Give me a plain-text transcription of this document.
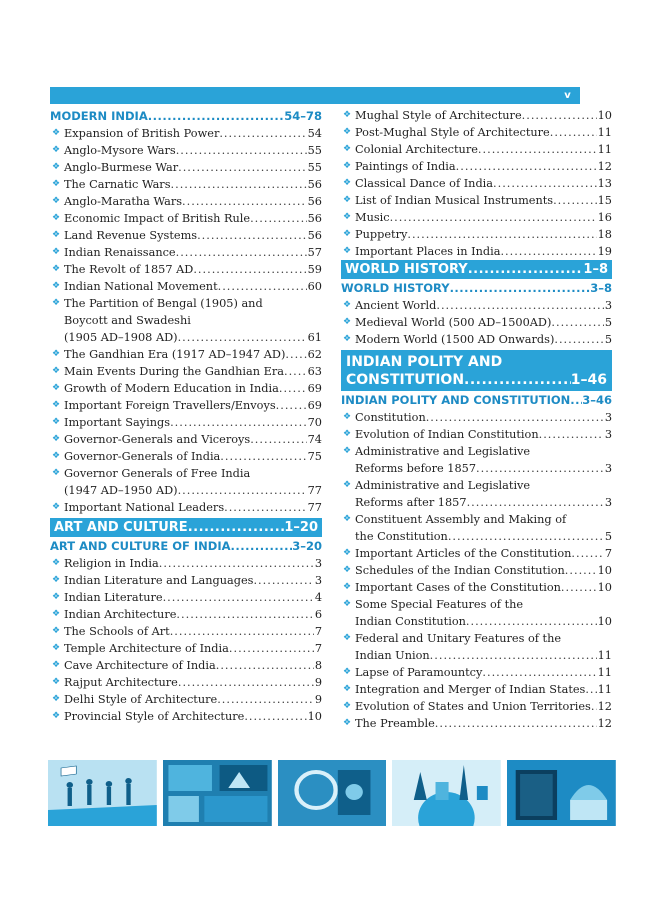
v
MODERN INDIA .....	54–78
❖ Expansion of British Power .....	54
❖ Anglo-Mysore Wars .....	55
❖ Anglo-Burmese War .....	55
❖ The Carnatic Wars .....	56
❖ Anglo-Maratha Wars .....	56
❖ Economic Impact of British Rule .....	56
❖ Land Revenue Systems .....	56
❖ Indian Renaissance .....	57
❖ The Revolt of 1857 AD .....	59
❖ Indian National Movement .....	60
❖ The Partition of Bengal (1905) and
Boycott and Swadeshi
(1905 AD–1908 AD) .....	61
❖ The Gandhian Era (1917 AD–1947 AD) ..... 62
❖ Main Events During the Gandhian Era ..... 63
❖ Growth of Modern Education in India .....	69
❖ Important Foreign Travellers/Envoys .....	69
❖ Important Sayings .....	70
❖ Governor-Generals and Viceroys .....	74
❖ Governor-Generals of India .....	75
❖ Governor Generals of Free India
(1947 AD–1950 AD) .....	77
❖ Important National Leaders .....	77
ART AND CULTURE .....	1–20
ART AND CULTURE OF INDIA .....	3–20
❖ Religion in India .....	3
❖ Indian Literature and Languages .....	3
❖ Indian Literature .....	4
❖ Indian Architecture .....	6
❖ The Schools of Art .....	7
❖ Temple Architecture of India .....	7
❖ Cave Architecture of India .....	8
❖ Rajput Architecture .....	9
❖ Delhi Style of Architecture .....	9
❖ Provincial Style of Architecture .....	10
❖ Mughal Style of Architecture .....	10
❖ Post-Mughal Style of Architecture .....	11
❖ Colonial Architecture .....	11
❖ Paintings of India .....	12
❖ Classical Dance of India .....	13
❖ List of Indian Musical Instruments .....	15
❖ Music .....	16
❖ Puppetry .....	18
❖ Important Places in India .....	19
WORLD HISTORY .....	1–8
WORLD HISTORY .....	3–8
❖ Ancient World .....	3
❖ Medieval World (500 AD–1500AD) .....	5
❖ Modern World (1500 AD Onwards) .....	5
INDIAN POLITY AND
CONSTITUTION .....	1–46
INDIAN POLITY AND CONSTITUTION ..... 3–46
❖ Constitution .....	3
❖ Evolution of Indian Constitution .....	3
❖ Administrative and Legislative
Reforms before 1857 .....	3
❖ Administrative and Legislative
Reforms after 1857 .....	3
❖ Constituent Assembly and Making of
the Constitution .....	5
❖ Important Articles of the Constitution .....	7
❖ Schedules of the Indian Constitution .....	10
❖ Important Cases of the Constitution .....	10
❖ Some Special Features of the
Indian Constitution .....	10
❖ Federal and Unitary Features of the
Indian Union .....	11
❖ Lapse of Paramountcy .....	11
❖ Integration and Merger of Indian States ..... 11
❖ Evolution of States and Union Territories ..... 12
❖ The Preamble .....	12
